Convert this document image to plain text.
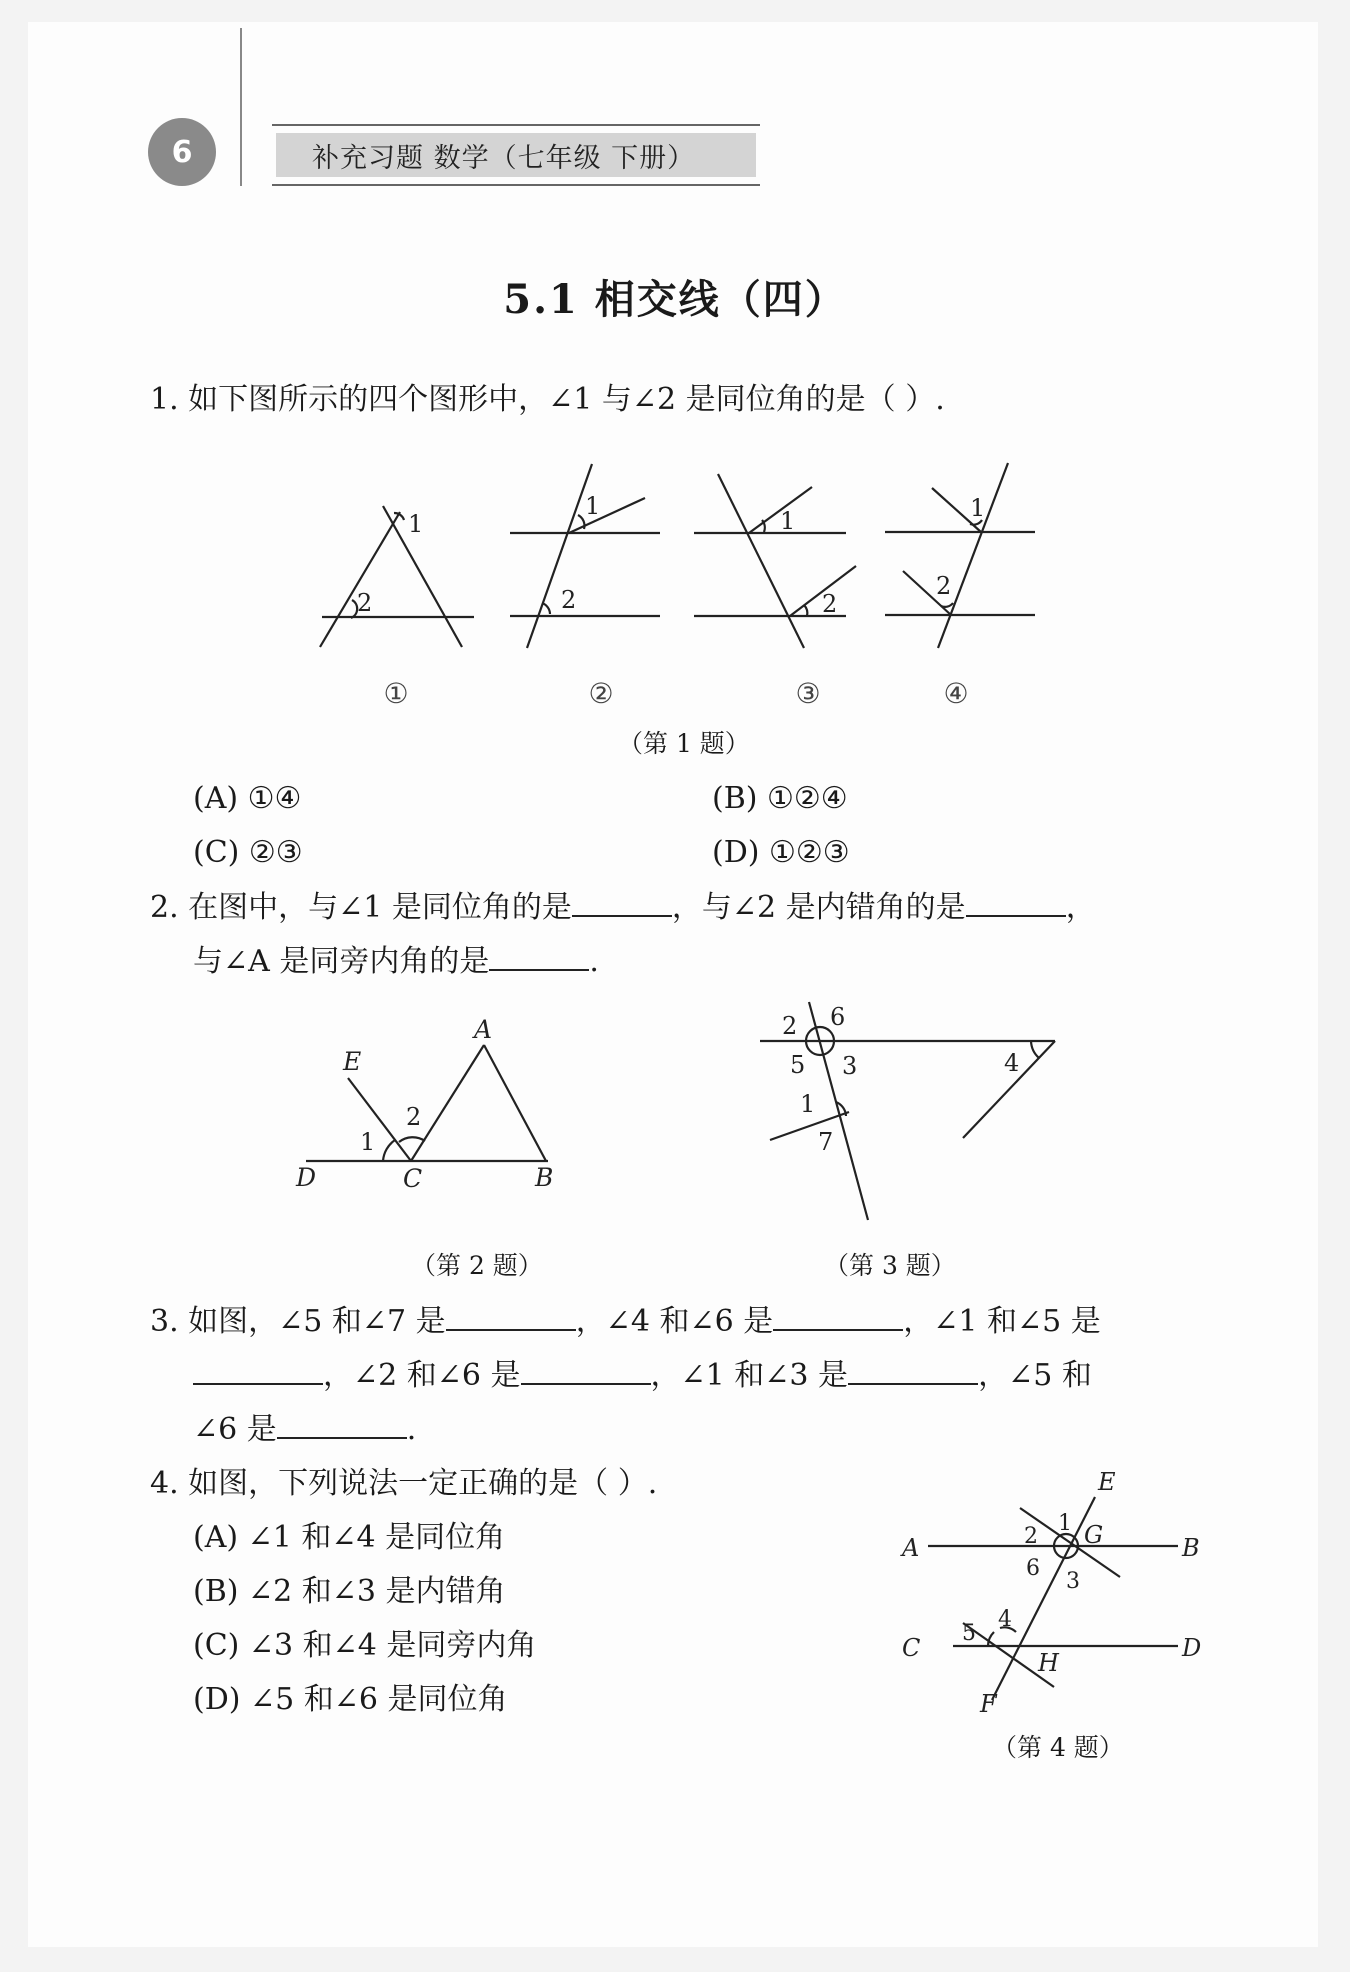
6	补充习题 数学（七年级 下册）
5.1 相交线（四）
1. 如下图所示的四个图形中，∠1 与∠2 是同位角的是（ ）.
1
2
1
2
1
2
1
2
①	②	③	④
（第 1 题）
(A) ①④	(B) ①②④
(C) ②③	(D) ①②③
2. 在图中，与∠1 是同位角的是	，与∠2 是内错角的是	，
与∠A 是同旁内角的是	.
A
E
D	C	B
2
1
2 6
5 3	4
1
7
（第 2 题）	（第 3 题）
3. 如图，∠5 和∠7 是	，∠4 和∠6 是	，∠1 和∠5 是
，∠2 和∠6 是	，∠1 和∠3 是	，∠5 和
∠6 是	.
4. 如图，下列说法一定正确的是（ ）.
(A) ∠1 和∠4 是同位角
(B) ∠2 和∠3 是内错角
(C) ∠3 和∠4 是同旁内角
(D) ∠5 和∠6 是同位角
E
G
A	B
C	D
H
F
1
2
6
3
5
4
（第 4 题）
